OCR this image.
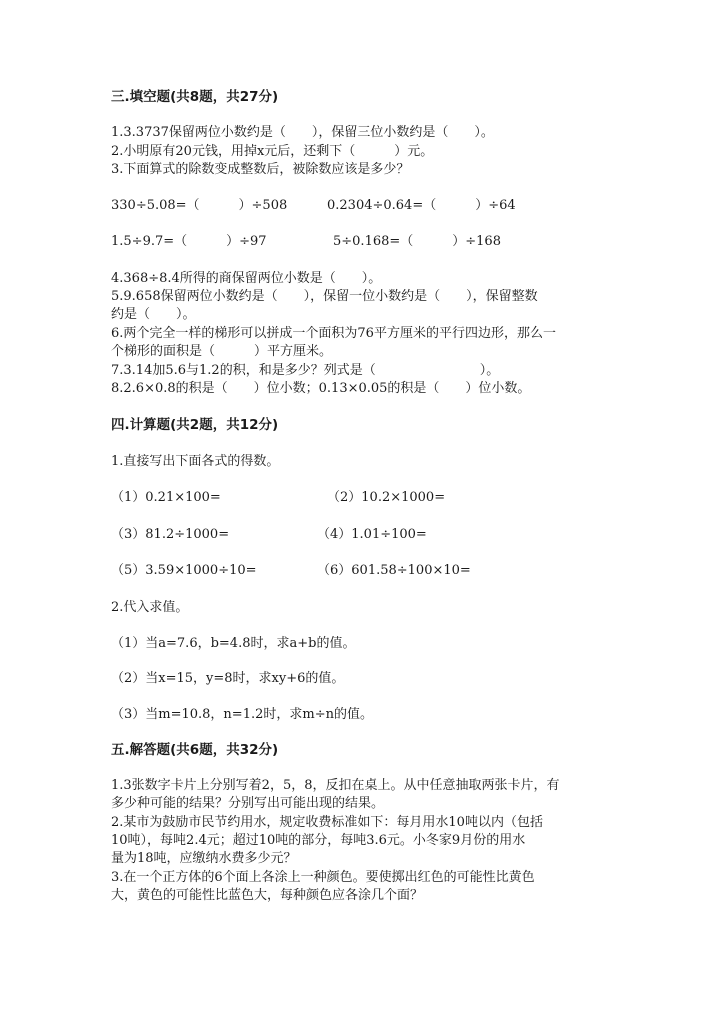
三.填空题(共8题，共27分)
1.3.3737保留两位小数约是（　　），保留三位小数约是（　　）。
2.小明原有20元钱，用掉x元后，还剩下（　　　）元。
3.下面算式的除数变成整数后，被除数应该是多少？
330÷5.08=（　　　）÷508	0.2304÷0.64=（　　　）÷64
1.5÷9.7=（　　　）÷97	5÷0.168=（　　　）÷168
4.368÷8.4所得的商保留两位小数是（　　）。
5.9.658保留两位小数约是（　　），保留一位小数约是（　　），保留整数
约是（　　）。
6.两个完全一样的梯形可以拼成一个面积为76平方厘米的平行四边形，那么一
个梯形的面积是（　　　）平方厘米。
7.3.14加5.6与1.2的积，和是多少？列式是（　　　　　　　　）。
8.2.6×0.8的积是（　　）位小数；0.13×0.05的积是（　　）位小数。
四.计算题(共2题，共12分)
1.直接写出下面各式的得数。
（1）0.21×100=	（2）10.2×1000=
（3）81.2÷1000=	（4）1.01÷100=
（5）3.59×1000÷10=	（6）601.58÷100×10=
2.代入求值。
（1）当a=7.6，b=4.8时，求a+b的值。
（2）当x=15，y=8时，求xy+6的值。
（3）当m=10.8，n=1.2时，求m÷n的值。
五.解答题(共6题，共32分)
1.3张数字卡片上分别写着2，5，8，反扣在桌上。从中任意抽取两张卡片，有
多少种可能的结果？分别写出可能出现的结果。
2.某市为鼓励市民节约用水，规定收费标准如下：每月用水10吨以内（包括
10吨），每吨2.4元；超过10吨的部分，每吨3.6元。小冬家9月份的用水
量为18吨，应缴纳水费多少元？
3.在一个正方体的6个面上各涂上一种颜色。要使掷出红色的可能性比黄色
大，黄色的可能性比蓝色大，每种颜色应各涂几个面？
